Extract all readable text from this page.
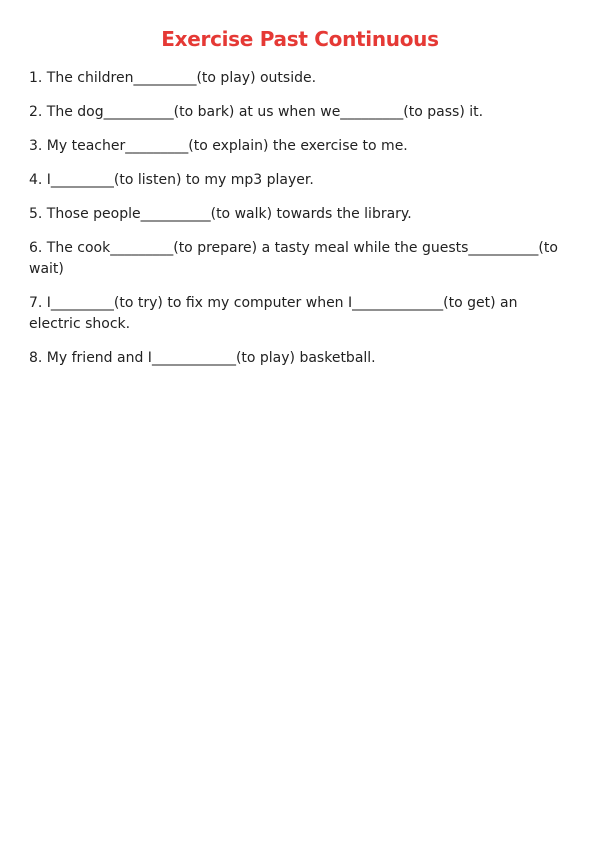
Exercise Past Continuous
1. The children_________(to play) outside.
2. The dog__________(to bark) at us when we_________(to pass) it.
3. My teacher_________(to explain) the exercise to me.
4. I_________(to listen) to my mp3 player.
5. Those people__________(to walk) towards the library.
6. The cook_________(to prepare) a tasty meal while the guests__________(to wait)
7. I_________(to try) to fix my computer when I_____________(to get) an electric shock.
8. My friend and I____________(to play) basketball.
